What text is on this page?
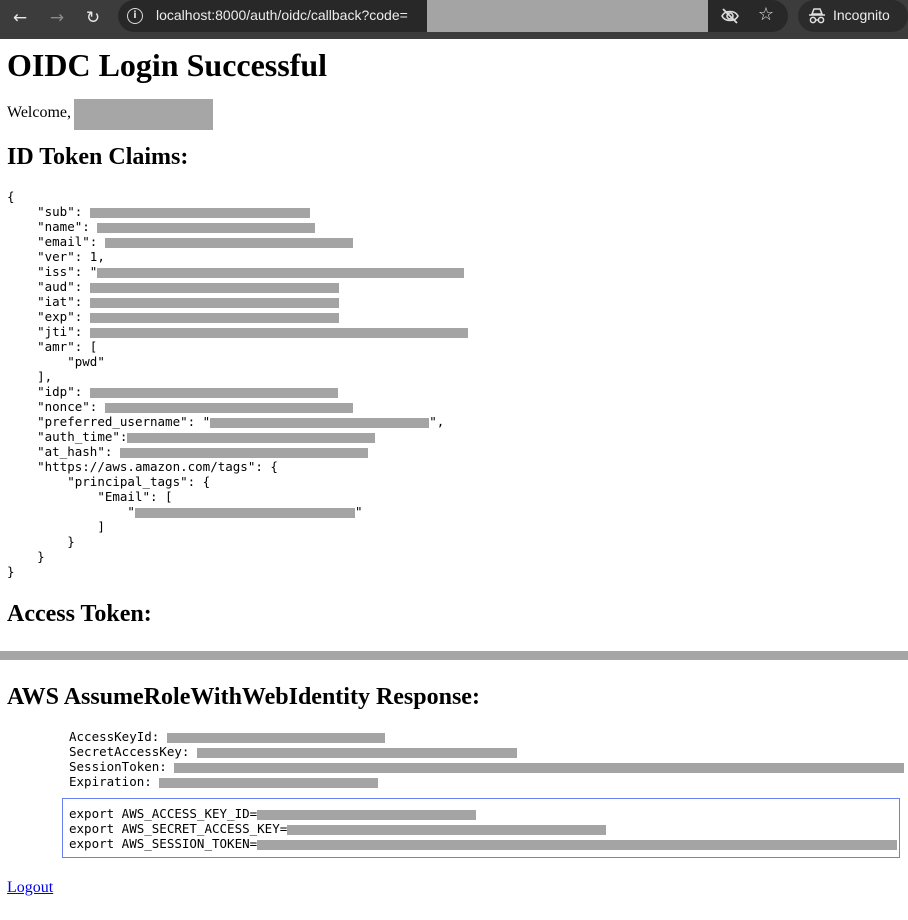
← → ↻	i	localhost:8000/auth/oidc/callback?code=	☆	Incognito
OIDC Login Successful
Welcome,
ID Token Claims:
{
"sub":
"name":
"email":
"ver": 1,
"iss": "
"aud":
"iat":
"exp":
"jti":
"amr": [
"pwd"
],
"idp":
"nonce":
"preferred_username": "	",
"auth_time":
"at_hash":
"https://aws.amazon.com/tags": {
"principal_tags": {
"Email": [
"	"
]
}
}
}
Access Token:
AWS AssumeRoleWithWebIdentity Response:
AccessKeyId:
SecretAccessKey:
SessionToken:
Expiration:
export AWS_ACCESS_KEY_ID=
export AWS_SECRET_ACCESS_KEY=
export AWS_SESSION_TOKEN=
Logout
